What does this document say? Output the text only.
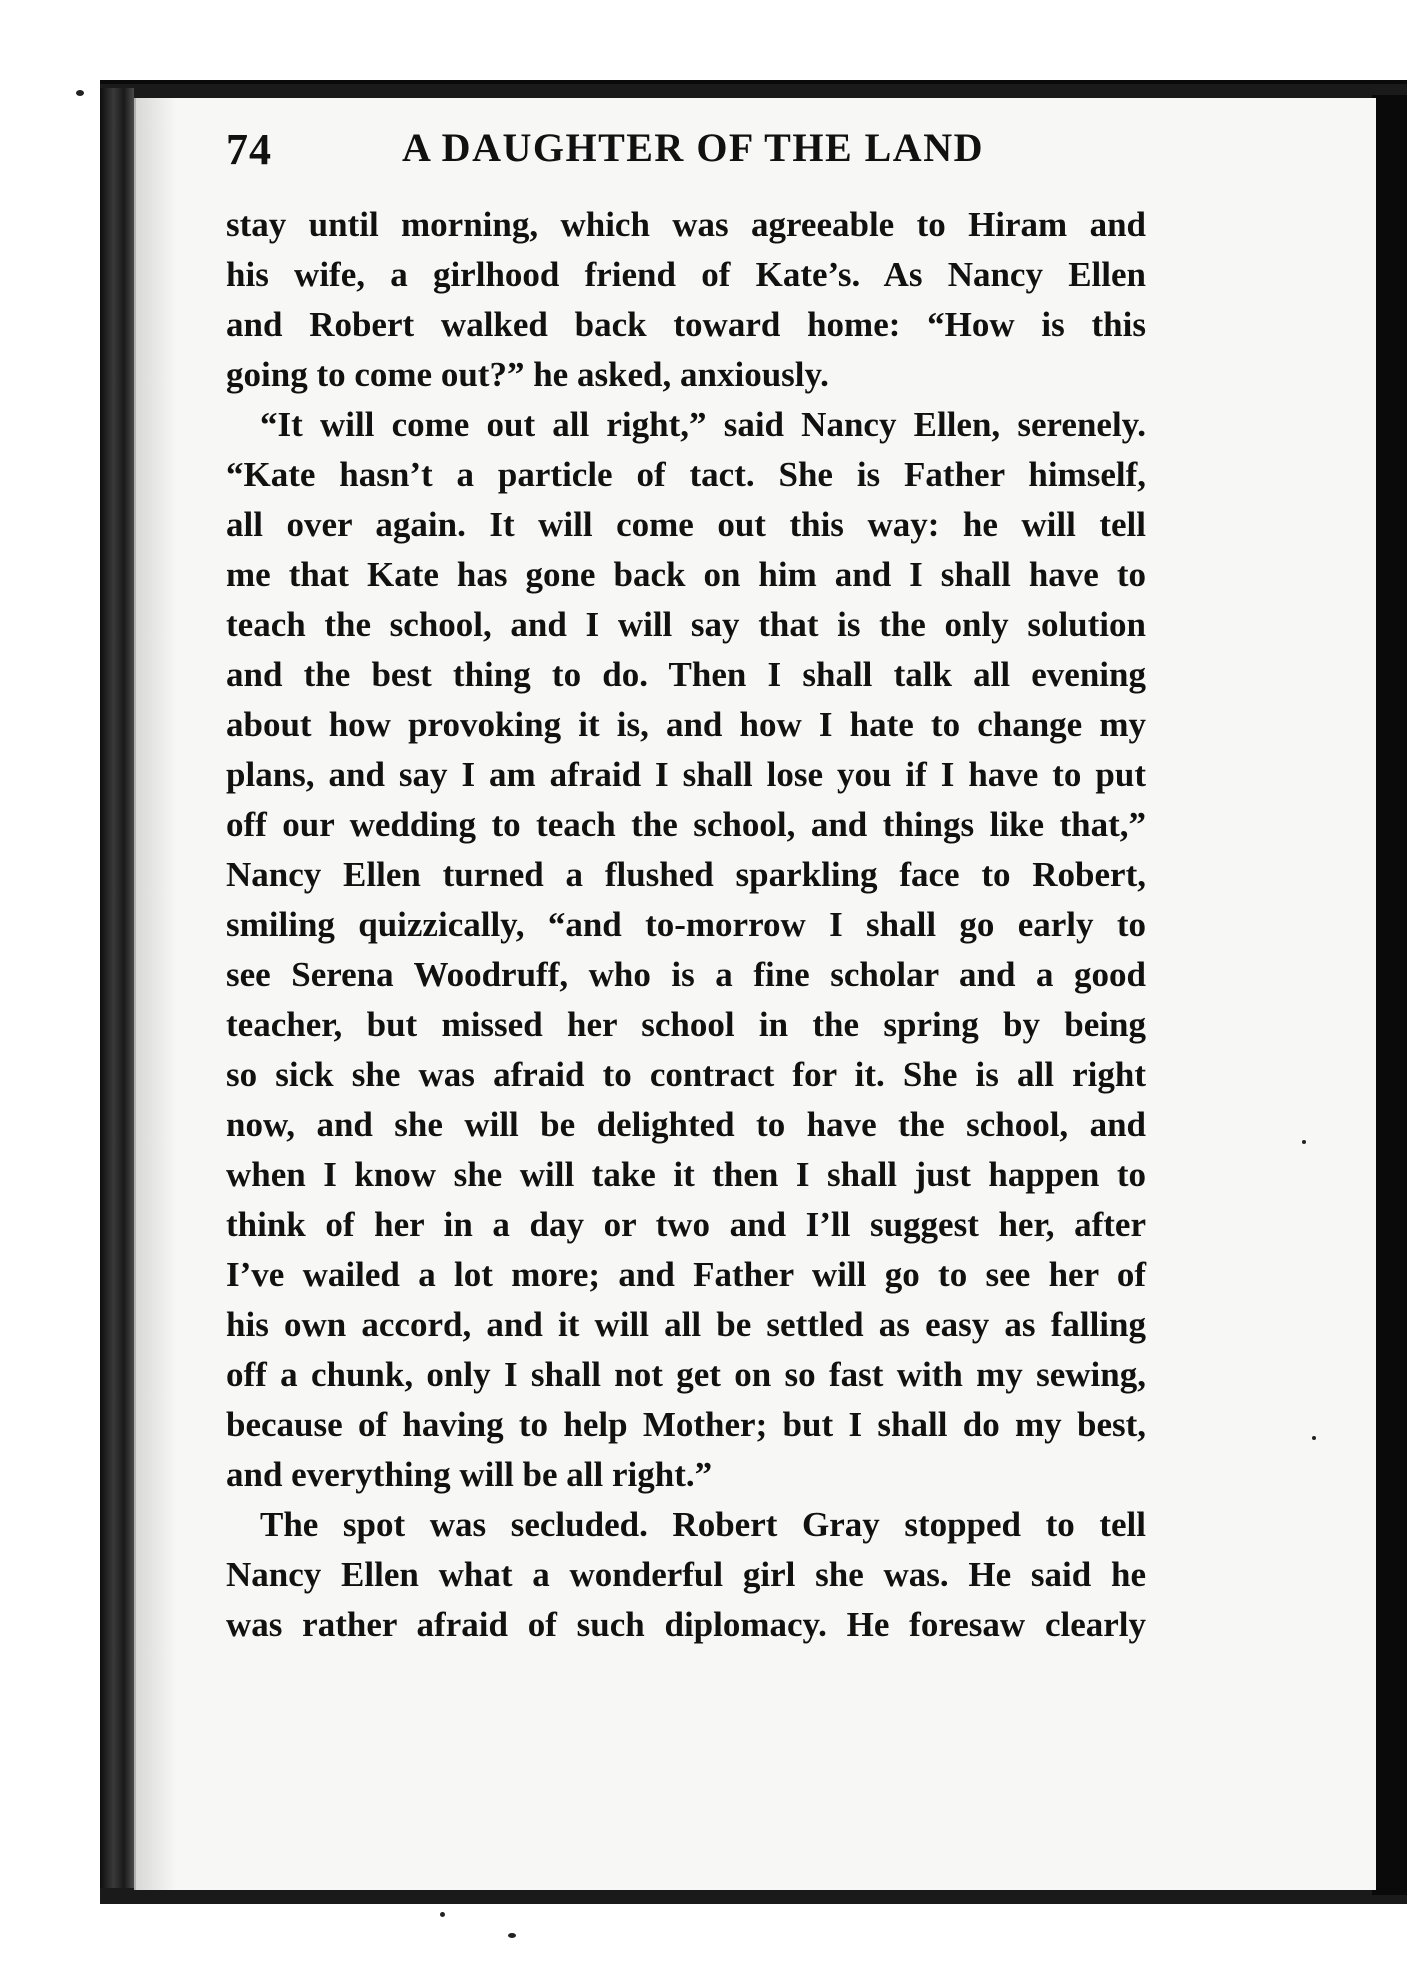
74	A DAUGHTER OF THE LAND
stay until morning, which was agreeable to Hiram and
his wife, a girlhood friend of Kate’s. As Nancy Ellen
and Robert walked back toward home: “How is this
going to come out?” he asked, anxiously.
“It will come out all right,” said Nancy Ellen, serenely.
“Kate hasn’t a particle of tact. She is Father himself,
all over again. It will come out this way: he will tell
me that Kate has gone back on him and I shall have to
teach the school, and I will say that is the only solution
and the best thing to do. Then I shall talk all evening
about how provoking it is, and how I hate to change my
plans, and say I am afraid I shall lose you if I have to put
off our wedding to teach the school, and things like that,”
Nancy Ellen turned a flushed sparkling face to Robert,
smiling quizzically, “and to-morrow I shall go early to
see Serena Woodruff, who is a fine scholar and a good
teacher, but missed her school in the spring by being
so sick she was afraid to contract for it. She is all right
now, and she will be delighted to have the school, and
when I know she will take it then I shall just happen to
think of her in a day or two and I’ll suggest her, after
I’ve wailed a lot more; and Father will go to see her of
his own accord, and it will all be settled as easy as falling
off a chunk, only I shall not get on so fast with my sewing,
because of having to help Mother; but I shall do my best,
and everything will be all right.”
The spot was secluded. Robert Gray stopped to tell
Nancy Ellen what a wonderful girl she was. He said he
was rather afraid of such diplomacy. He foresaw clearly
